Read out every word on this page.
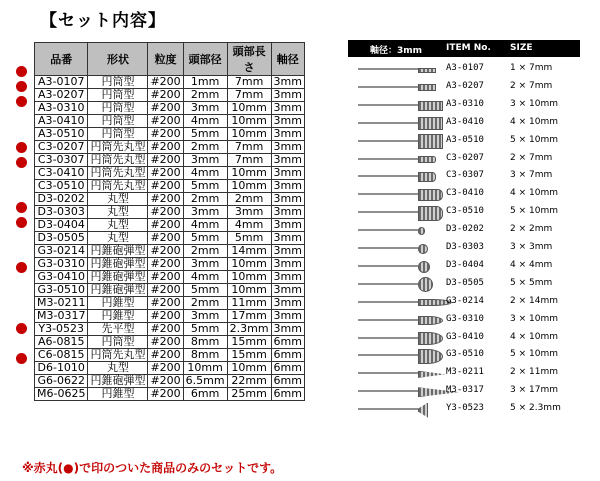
【セット内容】
品番	形状	粒度	頭部径	頭部長さ	軸径
A3-0107	円筒型	#200	1mm	7mm	3mm
A3-0207	円筒型	#200	2mm	7mm	3mm
A3-0310	円筒型	#200	3mm	10mm	3mm
A3-0410	円筒型	#200	4mm	10mm	3mm
A3-0510	円筒型	#200	5mm	10mm	3mm
C3-0207	円筒先丸型	#200	2mm	7mm	3mm
C3-0307	円筒先丸型	#200	3mm	7mm	3mm
C3-0410	円筒先丸型	#200	4mm	10mm	3mm
C3-0510	円筒先丸型	#200	5mm	10mm	3mm
D3-0202	丸型	#200	2mm	2mm	3mm
D3-0303	丸型	#200	3mm	3mm	3mm
D3-0404	丸型	#200	4mm	4mm	3mm
D3-0505	丸型	#200	5mm	5mm	3mm
G3-0214	円錐砲弾型	#200	2mm	14mm	3mm
G3-0310	円錐砲弾型	#200	3mm	10mm	3mm
G3-0410	円錐砲弾型	#200	4mm	10mm	3mm
G3-0510	円錐砲弾型	#200	5mm	10mm	3mm
M3-0211	円錐型	#200	2mm	11mm	3mm
M3-0317	円錐型	#200	3mm	17mm	3mm
Y3-0523	先平型	#200	5mm	2.3mm	3mm
A6-0815	円筒型	#200	8mm	15mm	6mm
C6-0815	円筒先丸型	#200	8mm	15mm	6mm
D6-1010	丸型	#200	10mm	10mm	6mm
G6-0622	円錐砲弾型	#200	6.5mm	22mm	6mm
M6-0625	円錐型	#200	6mm	25mm	6mm
※赤丸(●)で印のついた商品のみのセットです。
軸径：3mm	ITEM No. SIZE
A3-0107	1 × 7mm
A3-0207	2 × 7mm
A3-0310	3 × 10mm
A3-0410	4 × 10mm
A3-0510	5 × 10mm
C3-0207	2 × 7mm
C3-0307	3 × 7mm
C3-0410	4 × 10mm
C3-0510	5 × 10mm
D3-0202	2 × 2mm
D3-0303	3 × 3mm
D3-0404	4 × 4mm
D3-0505	5 × 5mm
G3-0214	2 × 14mm
G3-0310	3 × 10mm
G3-0410	4 × 10mm
G3-0510	5 × 10mm
M3-0211	2 × 11mm
M3-0317	3 × 17mm
Y3-0523	5 × 2.3mm
